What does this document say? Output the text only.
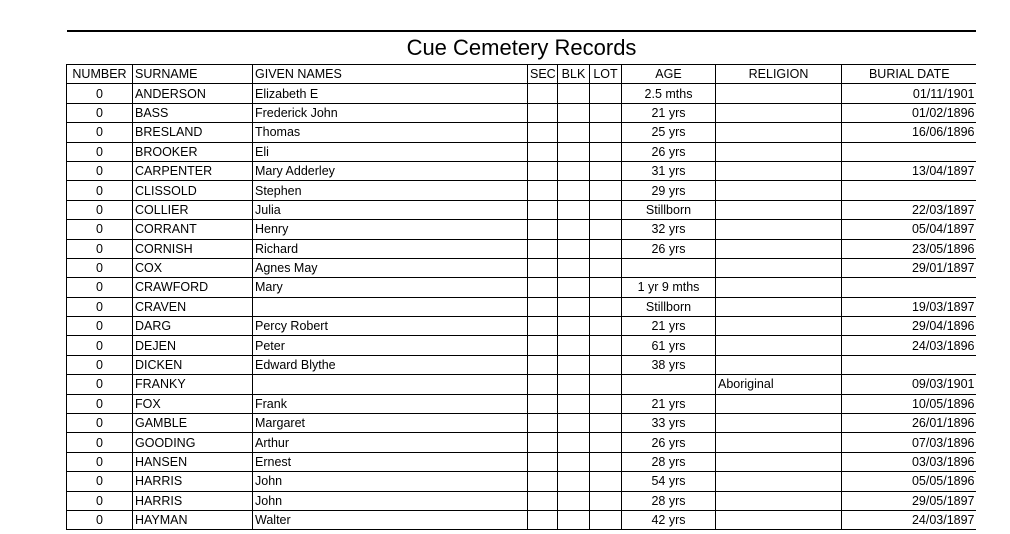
Cue Cemetery Records								
NUMBER	SURNAME	GIVEN NAMES	SEC	BLK	LOT	AGE	RELIGION	BURIAL DATE
0	ANDERSON	Elizabeth E				2.5 mths		01/11/1901
0	BASS	Frederick John				21 yrs		01/02/1896
0	BRESLAND	Thomas				25 yrs		16/06/1896
0	BROOKER	Eli				26 yrs		
0	CARPENTER	Mary Adderley				31 yrs		13/04/1897
0	CLISSOLD	Stephen				29 yrs		
0	COLLIER	Julia				Stillborn		22/03/1897
0	CORRANT	Henry				32 yrs		05/04/1897
0	CORNISH	Richard				26 yrs		23/05/1896
0	COX	Agnes May						29/01/1897
0	CRAWFORD	Mary				1 yr 9 mths		
0	CRAVEN					Stillborn		19/03/1897
0	DARG	Percy Robert				21 yrs		29/04/1896
0	DEJEN	Peter				61 yrs		24/03/1896
0	DICKEN	Edward Blythe				38 yrs		
0	FRANKY						Aboriginal	09/03/1901
0	FOX	Frank				21 yrs		10/05/1896
0	GAMBLE	Margaret				33 yrs		26/01/1896
0	GOODING	Arthur				26 yrs		07/03/1896
0	HANSEN	Ernest				28 yrs		03/03/1896
0	HARRIS	John				54 yrs		05/05/1896
0	HARRIS	John				28 yrs		29/05/1897
0	HAYMAN	Walter				42 yrs		24/03/1897
